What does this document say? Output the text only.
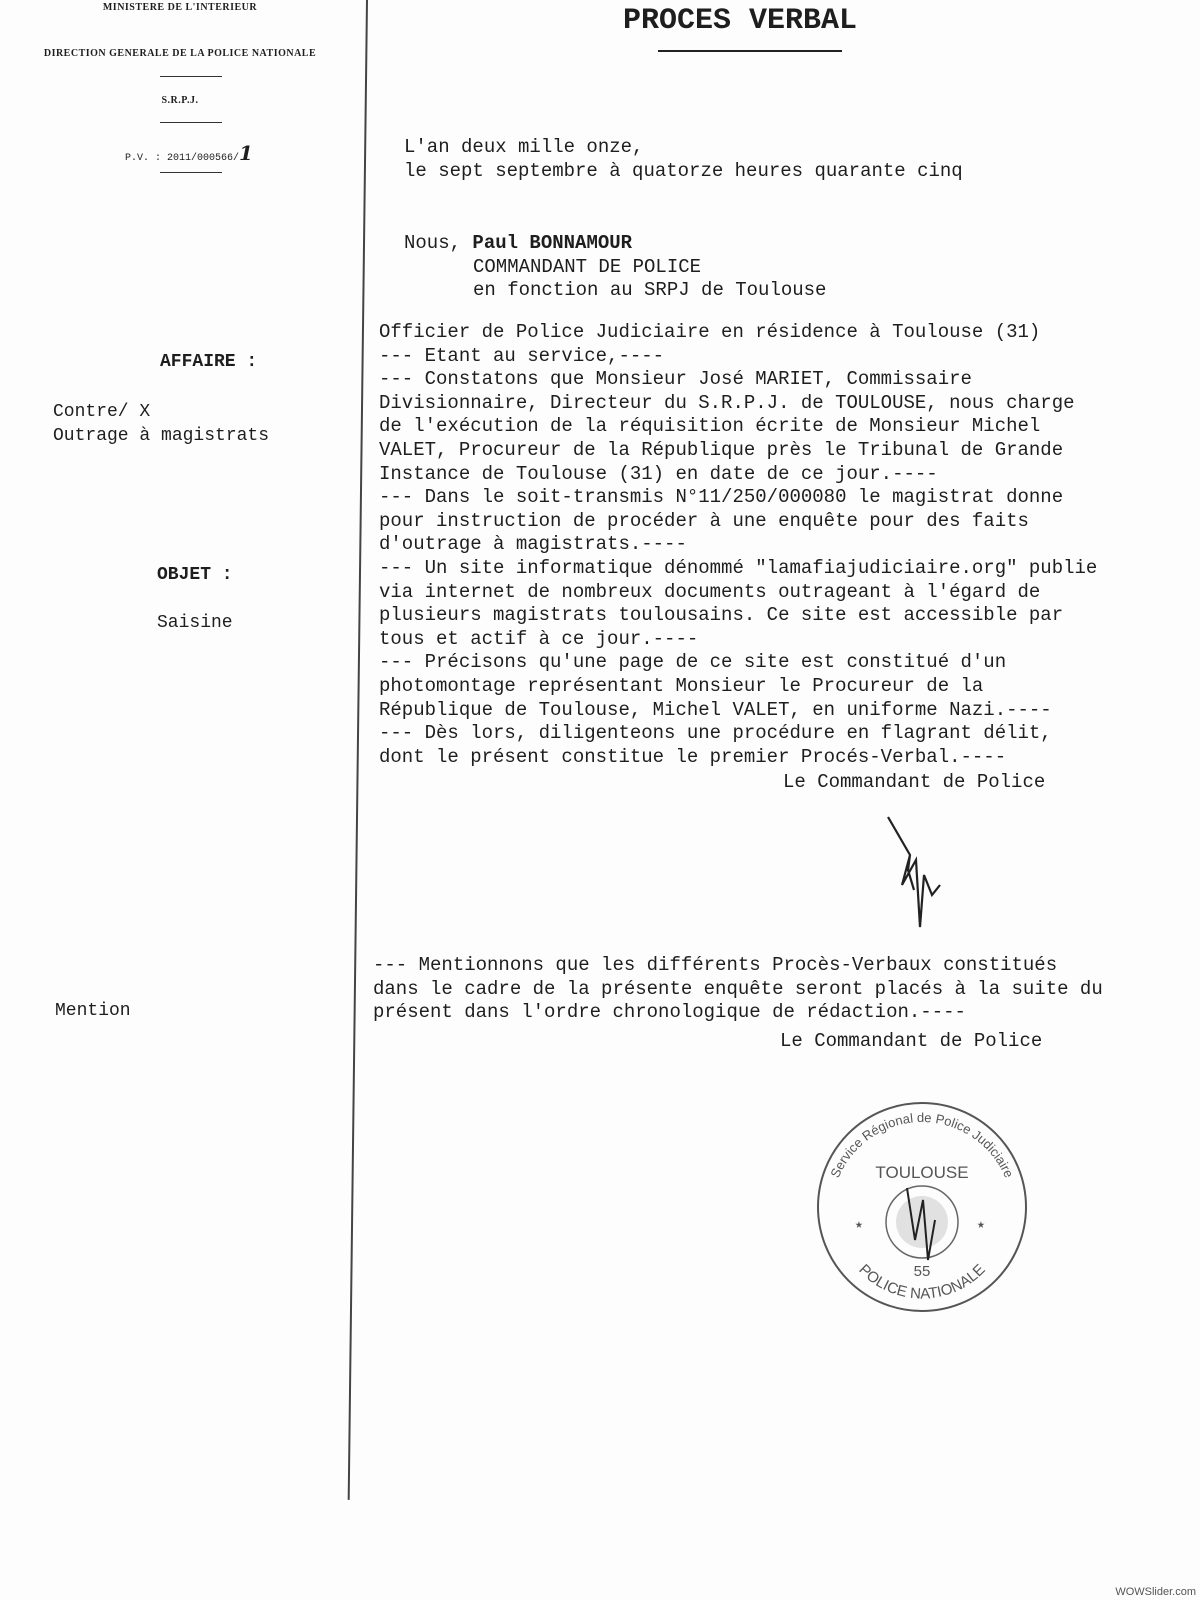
MINISTERE DE L'INTERIEUR
DIRECTION GENERALE DE LA POLICE NATIONALE
S.R.P.J.
P.V. : 2011/000566/1
PROCES VERBAL
AFFAIRE :
Contre/ X
Outrage à magistrats
OBJET :
Saisine
Mention
L'an deux mille onze,
le sept septembre à quatorze heures quarante cinq
Nous, Paul BONNAMOUR
COMMANDANT DE POLICE
en fonction au SRPJ de Toulouse
Officier de Police Judiciaire en résidence à Toulouse (31)
--- Etant au service,----
--- Constatons que Monsieur José MARIET, Commissaire
Divisionnaire, Directeur du S.R.P.J. de TOULOUSE, nous charge
de l'exécution de la réquisition écrite de Monsieur Michel
VALET, Procureur de la République près le Tribunal de Grande
Instance de Toulouse (31) en date de ce jour.----
--- Dans le soit-transmis N°11/250/000080 le magistrat donne
pour instruction de procéder à une enquête pour des faits
d'outrage à magistrats.----
--- Un site informatique dénommé "lamafiajudiciaire.org" publie
via internet de nombreux documents outrageant à l'égard de
plusieurs magistrats toulousains. Ce site est accessible par
tous et actif à ce jour.----
--- Précisons qu'une page de ce site est constitué d'un
photomontage représentant Monsieur le Procureur de la
République de Toulouse, Michel VALET, en uniforme Nazi.----
--- Dès lors, diligenteons une procédure en flagrant délit,
dont le présent constitue le premier Procés-Verbal.----
Le Commandant de Police
--- Mentionnons que les différents Procès-Verbaux constitués
dans le cadre de la présente enquête seront placés à la suite du
présent dans l'ordre chronologique de rédaction.----
Le Commandant de Police
Service Régional de Police Judiciaire
TOULOUSE
55
POLICE NATIONALE
★	★
WOWSlider.com
